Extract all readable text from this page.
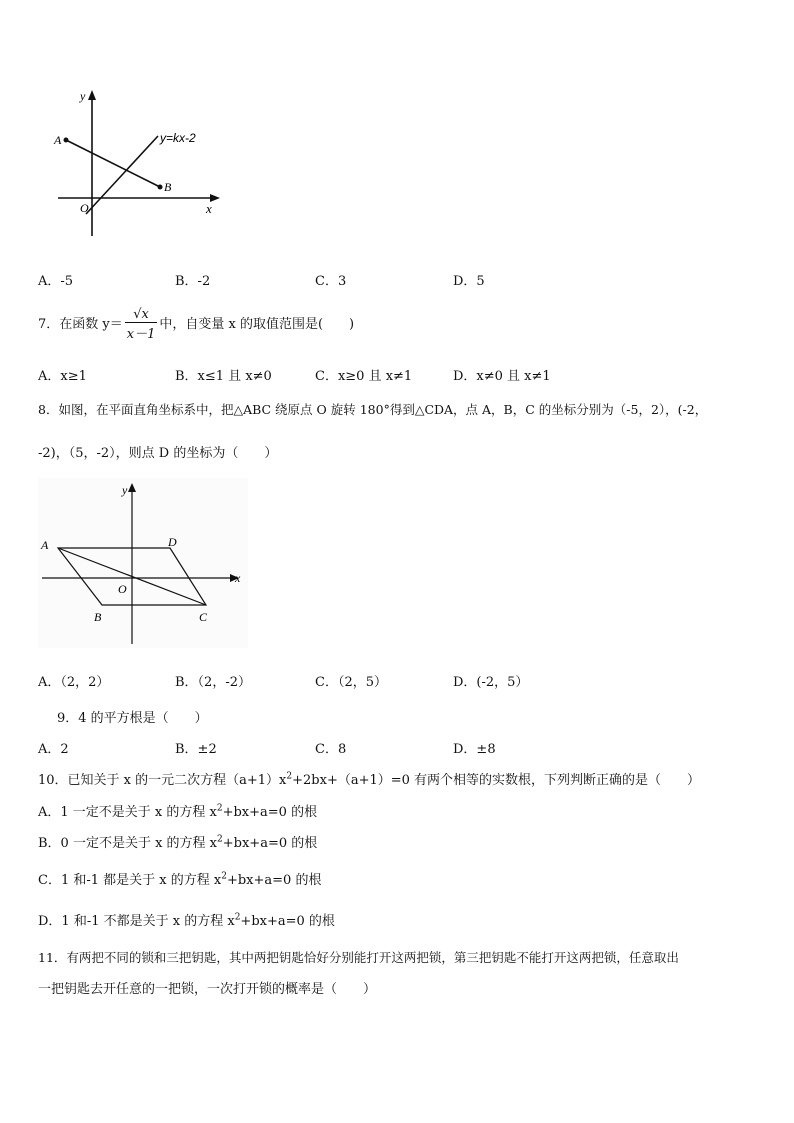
y
x
O
A
B
y=kx-2
A．-5	B．-2	C．3	D．5
7．在函数 $y= \frac{√x}{x-1}$ 中，自变量 x 的取值范围是(　　)
A．x≥1	B．x≤1 且 x≠0	C．x≥0 且 x≠1	D．x≠0 且 x≠1
8．如图，在平面直角坐标系中，把△ABC 绕原点 O 旋转 180°得到△CDA，点 A，B，C 的坐标分别为（-5，2），(-2，
-2)，（5，-2），则点 D 的坐标为（　　）
y
x
O
A	D
B	C
A．（2，2）	B．（2，-2）	C．（2，5）	D．(-2，5）
9．4 的平方根是（　　）
A．2	B．±2	C．8	D．±8
10．已知关于 x 的一元二次方程$(a+1)x^2+2bx+(a+1)=0$ 有两个相等的实数根，下列判断正确的是（　　）
A．1 一定不是关于 x 的方程 $x^2+bx+a=0$ 的根
B．0 一定不是关于 x 的方程 $x^2+bx+a=0$ 的根
C．1 和-1 都是关于 x 的方程 $x^2+bx+a=0$ 的根
D．1 和-1 不都是关于 x 的方程 $x^2+bx+a=0$ 的根
11．有两把不同的锁和三把钥匙，其中两把钥匙恰好分别能打开这两把锁，第三把钥匙不能打开这两把锁，任意取出
一把钥匙去开任意的一把锁，一次打开锁的概率是（　　）
